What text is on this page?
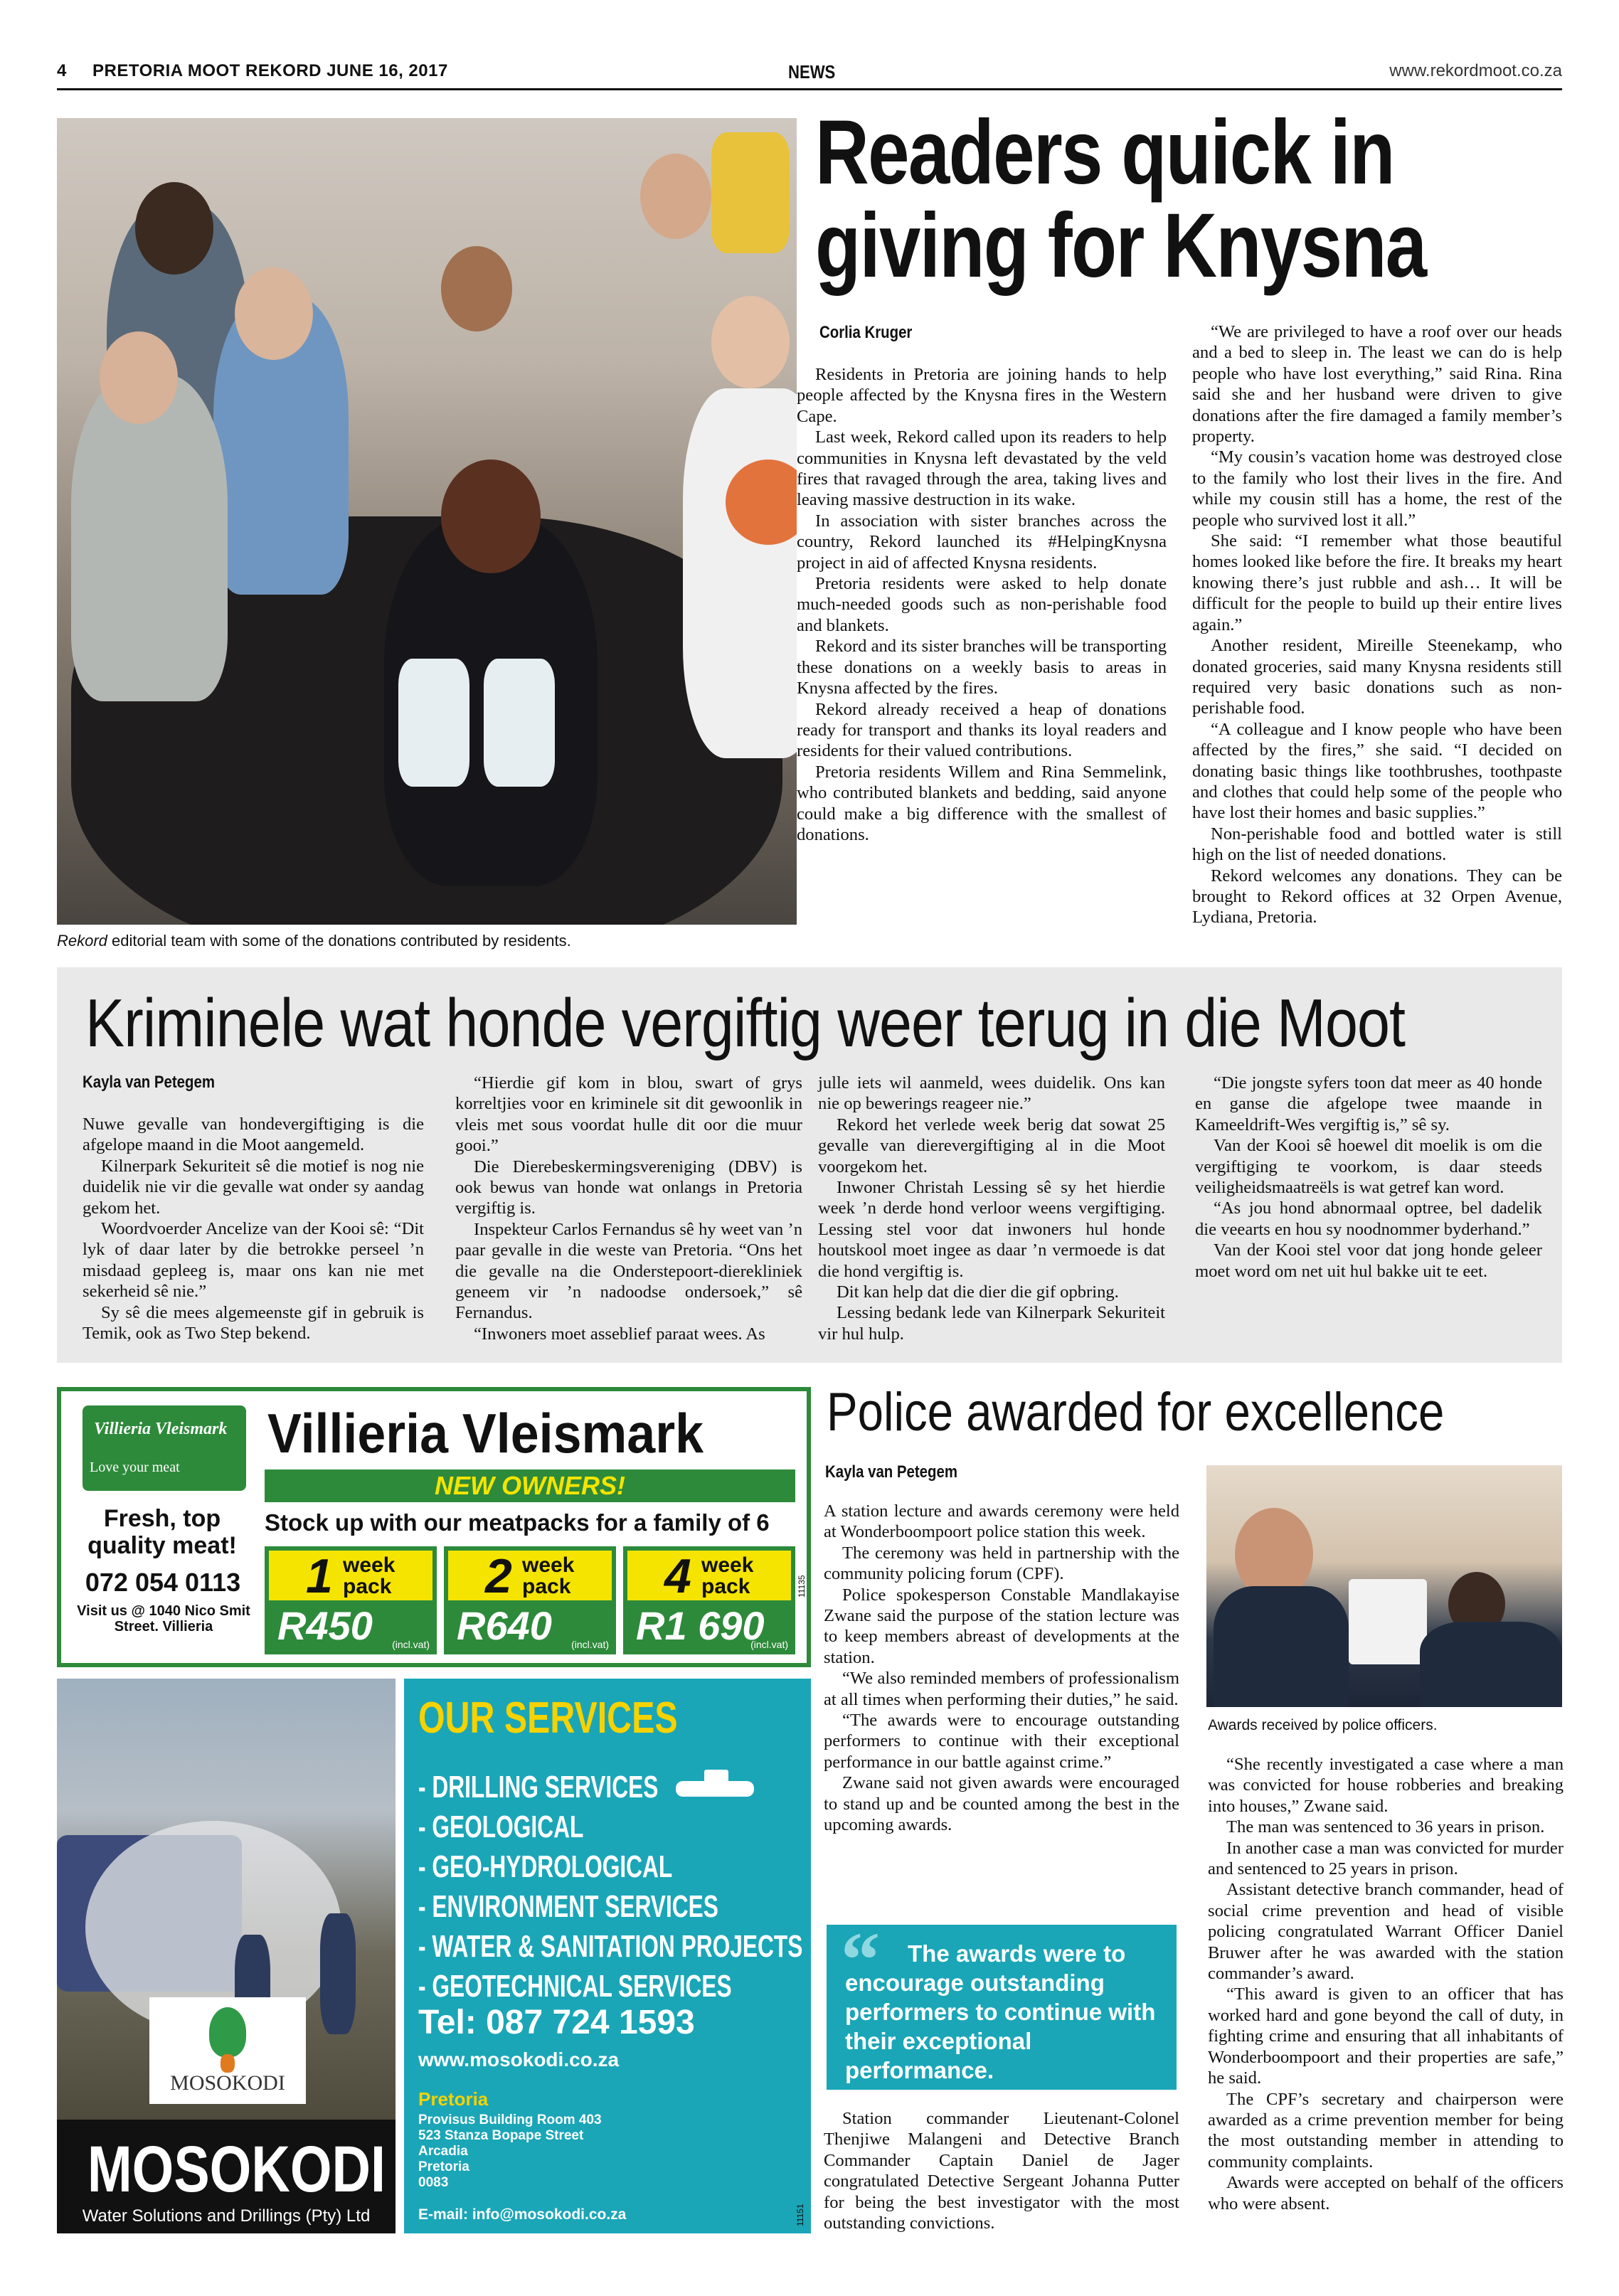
4 PRETORIA MOOT REKORD JUNE 16, 2017	NEWS	www.rekordmoot.co.za
Rekord editorial team with some of the donations contributed by residents.
Readers quick in giving for Knysna
Corlia Kruger

Residents in Pretoria are joining hands to help people affected by the Knysna fires in the Western Cape.

Last week, Rekord called upon its readers to help communities in Knysna left devastated by the veld fires that ravaged through the area, taking lives and leaving massive destruction in its wake.

In association with sister branches across the country, Rekord launched its #HelpingKnysna project in aid of affected Knysna residents.

Pretoria residents were asked to help donate much-needed goods such as non-perishable food and blankets.

Rekord and its sister branches will be transporting these donations on a weekly basis to areas in Knysna affected by the fires.

Rekord already received a heap of donations ready for transport and thanks its loyal readers and residents for their valued contributions.

Pretoria residents Willem and Rina Semmelink, who contributed blankets and bedding, said anyone could make a big difference with the smallest of donations.

“We are privileged to have a roof over our heads and a bed to sleep in. The least we can do is help people who have lost everything,” said Rina. Rina said she and her husband were driven to give donations after the fire damaged a family member’s property.

“My cousin’s vacation home was destroyed close to the family who lost their lives in the fire. And while my cousin still has a home, the rest of the people who survived lost it all.”

She said: “I remember what those beautiful homes looked like before the fire. It breaks my heart knowing there’s just rubble and ash… It will be difficult for the people to build up their entire lives again.”

Another resident, Mireille Steenekamp, who donated groceries, said many Knysna residents still required very basic donations such as non-perishable food.

“A colleague and I know people who have been affected by the fires,” she said. “I decided on donating basic things like toothbrushes, toothpaste and clothes that could help some of the people who have lost their homes and basic supplies.”

Non-perishable food and bottled water is still high on the list of needed donations.

Rekord welcomes any donations. They can be brought to Rekord offices at 32 Orpen Avenue, Lydiana, Pretoria.

Kriminele wat honde vergiftig weer terug in die Moot
Kayla van Petegem

Nuwe gevalle van hondevergiftiging is die afgelope maand in die Moot aangemeld.

Kilnerpark Sekuriteit sê die motief is nog nie duidelik nie vir die gevalle wat onder sy aandag gekom het.

Woordvoerder Ancelize van der Kooi sê: “Dit lyk of daar later by die betrokke perseel ’n misdaad gepleeg is, maar ons kan nie met sekerheid sê nie.”

Sy sê die mees algemeenste gif in gebruik is Temik, ook as Two Step bekend.

“Hierdie gif kom in blou, swart of grys korreltjies voor en kriminele sit dit gewoonlik in vleis met sous voordat hulle dit oor die muur gooi.”

Die Dierebeskermingsvereniging (DBV) is ook bewus van honde wat onlangs in Pretoria vergiftig is.

Inspekteur Carlos Fernandus sê hy weet van ’n paar gevalle in die weste van Pretoria. “Ons het die gevalle na die Onderstepoort-dierekliniek geneem vir ’n nadoodse ondersoek,” sê Fernandus.

“Inwoners moet asseblief paraat wees. As

julle iets wil aanmeld, wees duidelik. Ons kan nie op bewerings reageer nie.”

Rekord het verlede week berig dat sowat 25 gevalle van dierevergiftiging al in die Moot voorgekom het.

Inwoner Christah Lessing sê sy het hierdie week ’n derde hond verloor weens vergiftiging. Lessing stel voor dat inwoners hul honde houtskool moet ingee as daar ’n vermoede is dat die hond vergiftig is.

Dit kan help dat die dier die gif opbring.

Lessing bedank lede van Kilnerpark Sekuriteit vir hul hulp.

“Die jongste syfers toon dat meer as 40 honde en ganse die afgelope twee maande in Kameeldrift-Wes vergiftig is,” sê sy.

Van der Kooi sê hoewel dit moelik is om die vergiftiging te voorkom, is daar steeds veiligheidsmaatreëls is wat getref kan word.

“As jou hond abnormaal optree, bel dadelik die veearts en hou sy noodnommer byderhand.”

Van der Kooi stel voor dat jong honde geleer moet word om net uit hul bakke uit te eet.

Villieria Vleismark
Love your meat
Fresh, top quality meat!
072 054 0113
Visit us @ 1040 Nico Smit Street. Villieria
Villieria Vleismark
NEW OWNERS!
Stock up with our meatpacks for a family of 6
1 week pack
R450 (incl.vat)
2 week pack
R640 (incl.vat)
4 week pack
R1 690
(incl.vat)
11135
MOSOKODI
MOSOKODI
Water Solutions and Drillings (Pty) Ltd
OUR SERVICES
- DRILLING SERVICES
- GEOLOGICAL
- GEO-HYDROLOGICAL
- ENVIRONMENT SERVICES
- WATER & SANITATION PROJECTS
- GEOTECHNICAL SERVICES
Tel: 087 724 1593
www.mosokodi.co.za
Pretoria
Provisus Building Room 403
523 Stanza Bopape Street
Arcadia
Pretoria
0083
E-mail: info@mosokodi.co.za	11151
Police awarded for excellence
Kayla van Petegem

A station lecture and awards ceremony were held at Wonderboompoort police station this week.

The ceremony was held in partnership with the community policing forum (CPF).

Police spokesperson Constable Mandlakayise Zwane said the purpose of the station lecture was to keep members abreast of developments at the station.

“We also reminded members of professionalism at all times when performing their duties,” he said.

“The awards were to encourage outstanding performers to continue with their exceptional performance in our battle against crime.”

Zwane said not given awards were encouraged to stand up and be counted among the best in the upcoming awards.

“	The awards were to encourage outstanding performers to continue with their exceptional performance.

Station commander Lieutenant-Colonel Thenjiwe Malangeni and Detective Branch Commander Captain Daniel de Jager congratulated Detective Sergeant Johanna Putter for being the best investigator with the most outstanding convictions.

Awards received by police officers.

“She recently investigated a case where a man was convicted for house robberies and breaking into houses,” Zwane said.

The man was sentenced to 36 years in prison.

In another case a man was convicted for murder and sentenced to 25 years in prison.

Assistant detective branch commander, head of social crime prevention and head of visible policing congratulated Warrant Officer Daniel Bruwer after he was awarded with the station commander’s award.

“This award is given to an officer that has worked hard and gone beyond the call of duty, in fighting crime and ensuring that all inhabitants of Wonderboompoort and their properties are safe,” he said.

The CPF’s secretary and chairperson were awarded as a crime prevention member for being the most outstanding member in attending to community complaints.

Awards were accepted on behalf of the officers who were absent.
